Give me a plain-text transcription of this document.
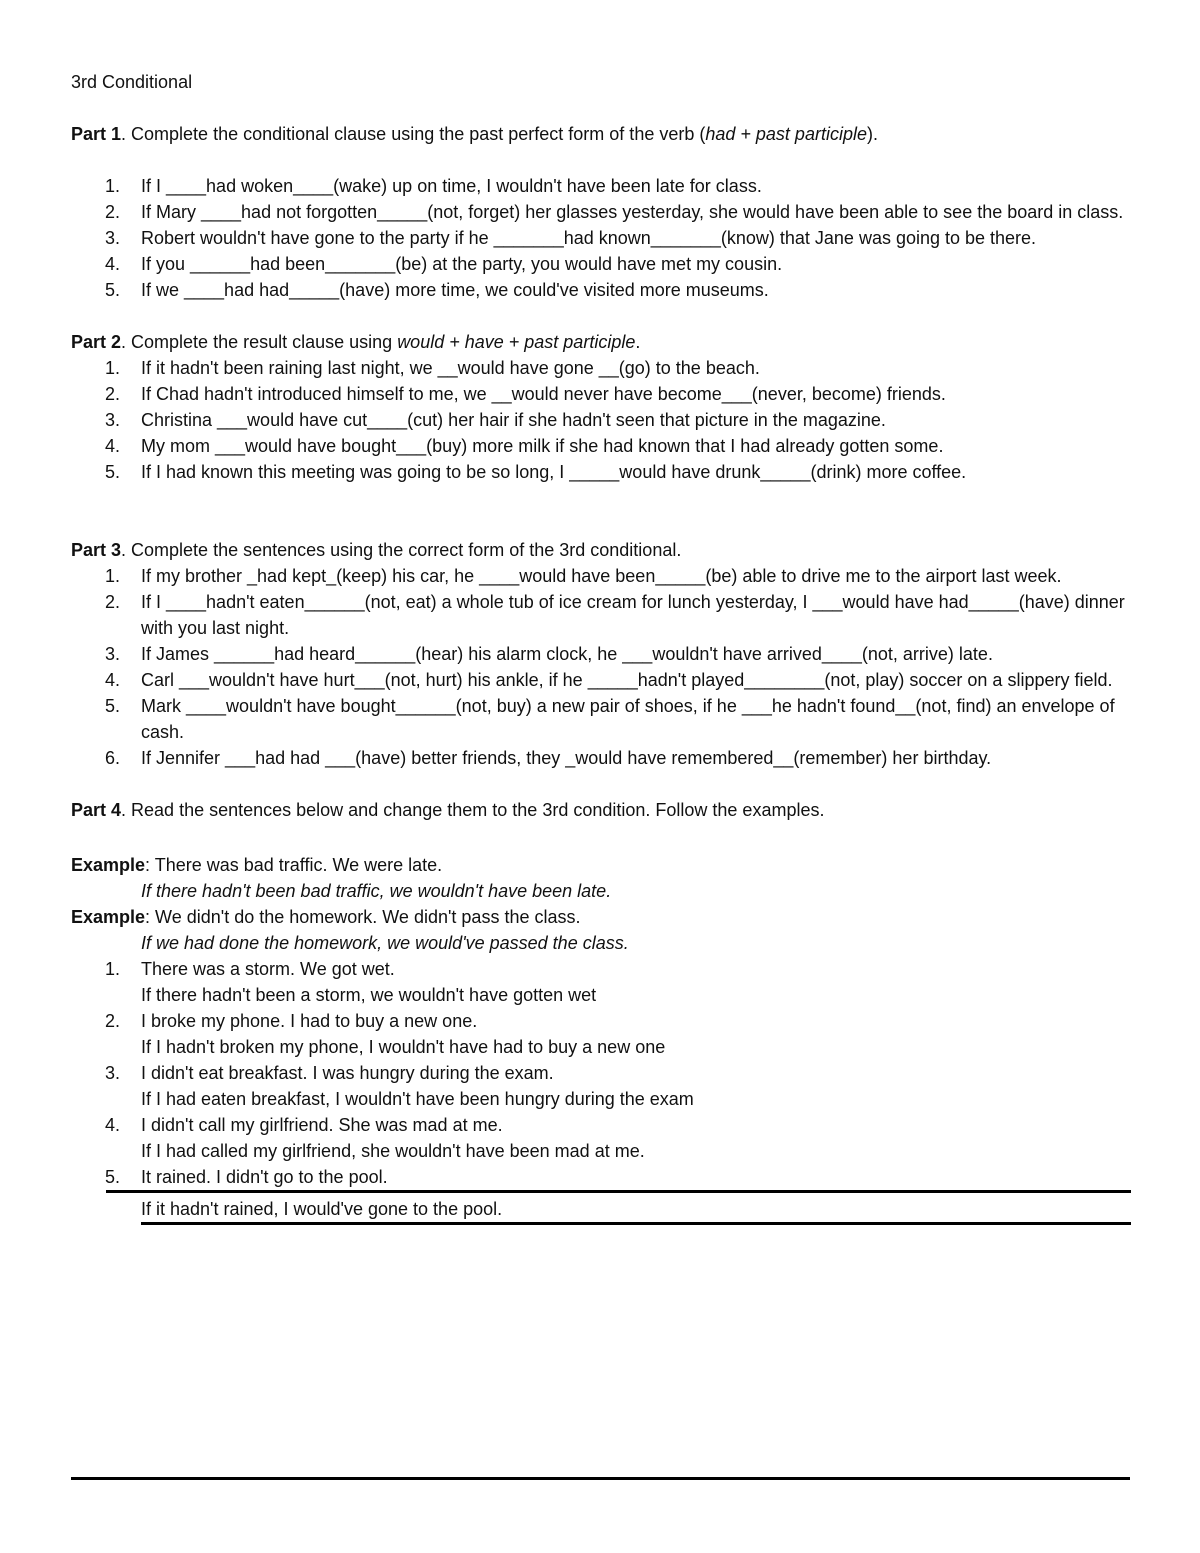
3rd Conditional
Part 1. Complete the conditional clause using the past perfect form of the verb (had + past participle).
1.	If I ____had woken____(wake) up on time, I wouldn't have been late for class.
2.	If Mary ____had not forgotten_____(not, forget) her glasses yesterday, she would have been able to see the board in class.
3.	Robert wouldn't have gone to the party if he _______had known_______(know) that Jane was going to be there.
4.	If you ______had been_______(be) at the party, you would have met my cousin.
5.	If we ____had had_____(have) more time, we could've visited more museums.
Part 2. Complete the result clause using would + have + past participle.
1.	If it hadn't been raining last night, we __would have gone __(go) to the beach.
2.	If Chad hadn't introduced himself to me, we __would never have become___(never, become) friends.
3.	Christina ___would have cut____(cut) her hair if she hadn't seen that picture in the magazine.
4.	My mom ___would have bought___(buy) more milk if she had known that I had already gotten some.
5.	If I had known this meeting was going to be so long, I _____would have drunk_____(drink) more coffee.
Part 3. Complete the sentences using the correct form of the 3rd conditional.
1.	If my brother _had kept_(keep) his car, he ____would have been_____(be) able to drive me to the airport last week.
2.	If I ____hadn't eaten______(not, eat) a whole tub of ice cream for lunch yesterday, I ___would have had_____(have) dinner with you last night.
3.	If James ______had heard______(hear) his alarm clock, he ___wouldn't have arrived____(not, arrive) late.
4.	Carl ___wouldn't have hurt___(not, hurt) his ankle, if he _____hadn't played________(not, play) soccer on a slippery field.
5.	Mark ____wouldn't have bought______(not, buy) a new pair of shoes, if he ___he hadn't found__(not, find) an envelope of cash.
6.	If Jennifer ___had had ___(have) better friends, they _would have remembered__(remember) her birthday.
Part 4. Read the sentences below and change them to the 3rd condition. Follow the examples.
Example: There was bad traffic. We were late.
If there hadn't been bad traffic, we wouldn't have been late.
Example: We didn't do the homework. We didn't pass the class.
If we had done the homework, we would've passed the class.
1.	There was a storm. We got wet.
If there hadn't been a storm, we wouldn't have gotten wet
2.	I broke my phone. I had to buy a new one.
If I hadn't broken my phone, I wouldn't have had to buy a new one
3.	I didn't eat breakfast. I was hungry during the exam.
If I had eaten breakfast, I wouldn't have been hungry during the exam
4.	I didn't call my girlfriend. She was mad at me.
If I had called my girlfriend, she wouldn't have been mad at me.
5.	It rained. I didn't go to the pool.
If it hadn't rained, I would've gone to the pool.
